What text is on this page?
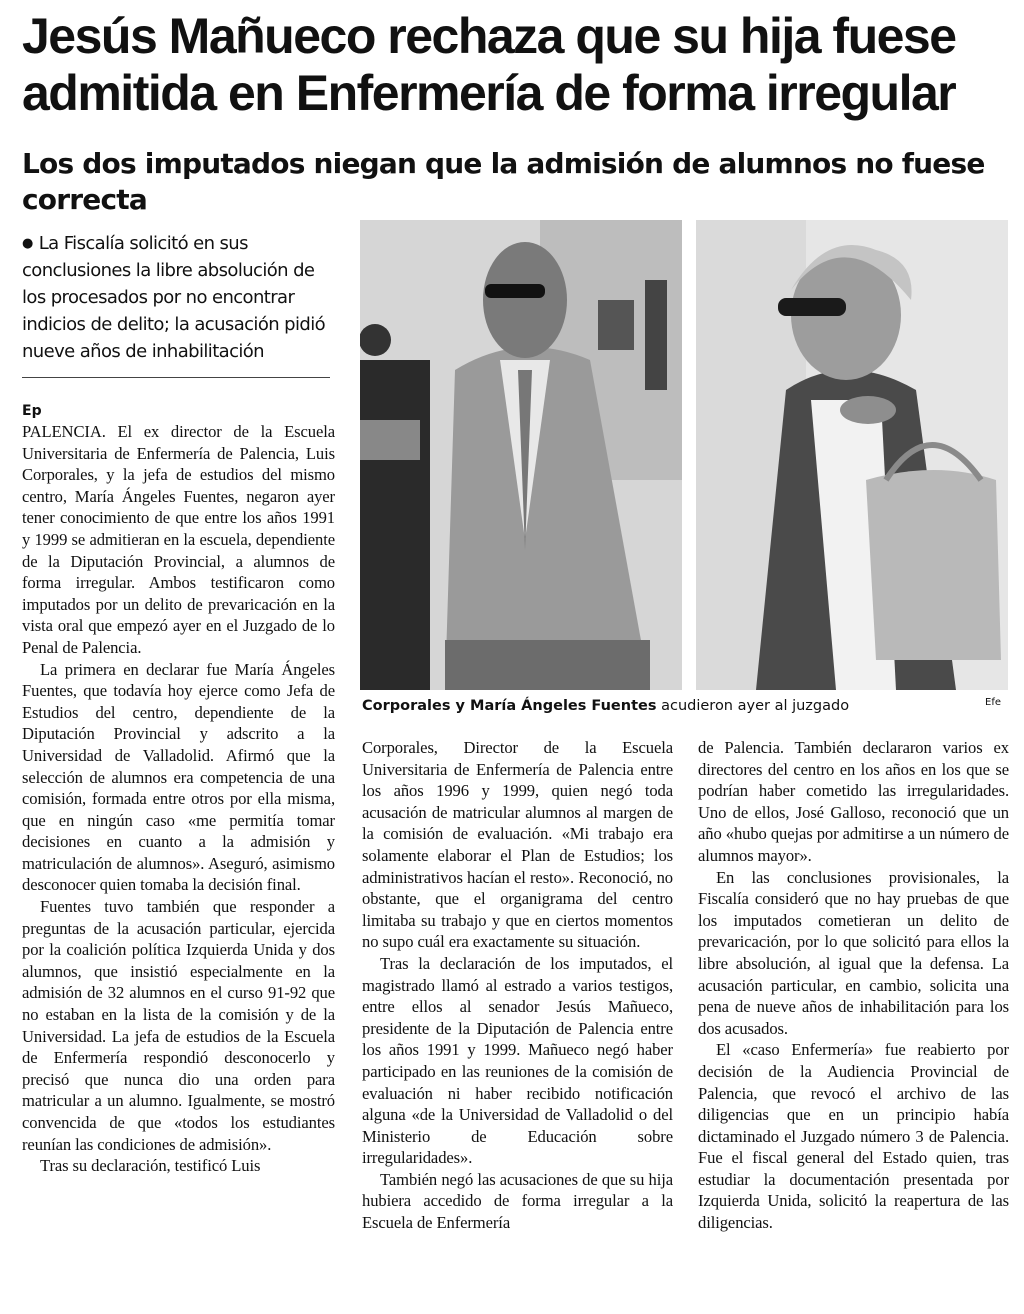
Jesús Mañueco rechaza que su hija fuese admitida en Enfermería de forma irregular
Los dos imputados niegan que la admisión de alumnos no fuese correcta
● La Fiscalía solicitó en sus conclusiones la libre absolución de los procesados por no encontrar indicios de delito; la acusación pidió nueve años de inhabilitación
Ep

PALENCIA. El ex director de la Escuela Universitaria de Enfermería de Palencia, Luis Corporales, y la jefa de estudios del mismo centro, María Ángeles Fuentes, negaron ayer tener conocimiento de que entre los años 1991 y 1999 se admitieran en la escuela, dependiente de la Diputación Provincial, a alumnos de forma irregular. Ambos testificaron como imputados por un delito de prevaricación en la vista oral que empezó ayer en el Juzgado de lo Penal de Palencia.

La primera en declarar fue María Ángeles Fuentes, que todavía hoy ejerce como Jefa de Estudios del centro, dependiente de la Diputación Provincial y adscrito a la Universidad de Valladolid. Afirmó que la selección de alumnos era competencia de una comisión, formada entre otros por ella misma, que en ningún caso «me permitía tomar decisiones en cuanto a la admisión y matriculación de alumnos». Aseguró, asimismo desconocer quien tomaba la decisión final.

Fuentes tuvo también que responder a preguntas de la acusación particular, ejercida por la coalición política Izquierda Unida y dos alumnos, que insistió especialmente en la admisión de 32 alumnos en el curso 91-92 que no estaban en la lista de la comisión y de la Universidad. La jefa de estudios de la Escuela de Enfermería respondió desconocerlo y precisó que nunca dio una orden para matricular a un alumno. Igualmente, se mostró convencida de que «todos los estudiantes reunían las condiciones de admisión».

Tras su declaración, testificó Luis

Corporales y María Ángeles Fuentes acudieron ayer al juzgado	Efe

Corporales, Director de la Escuela Universitaria de Enfermería de Palencia entre los años 1996 y 1999, quien negó toda acusación de matricular alumnos al margen de la comisión de evaluación. «Mi trabajo era solamente elaborar el Plan de Estudios; los administrativos hacían el resto». Reconoció, no obstante, que el organigrama del centro limitaba su trabajo y que en ciertos momentos no supo cuál era exactamente su situación.

Tras la declaración de los imputados, el magistrado llamó al estrado a varios testigos, entre ellos al senador Jesús Mañueco, presidente de la Diputación de Palencia entre los años 1991 y 1999. Mañueco negó haber participado en las reuniones de la comisión de evaluación ni haber recibido notificación alguna «de la Universidad de Valladolid o del Ministerio de Educación sobre irregularidades».

También negó las acusaciones de que su hija hubiera accedido de forma irregular a la Escuela de Enfermería

de Palencia. También declararon varios ex directores del centro en los años en los que se podrían haber cometido las irregularidades. Uno de ellos, José Galloso, reconoció que un año «hubo quejas por admitirse a un número de alumnos mayor».

En las conclusiones provisionales, la Fiscalía consideró que no hay pruebas de que los imputados cometieran un delito de prevaricación, por lo que solicitó para ellos la libre absolución, al igual que la defensa. La acusación particular, en cambio, solicita una pena de nueve años de inhabilitación para los dos acusados.

El «caso Enfermería» fue reabierto por decisión de la Audiencia Provincial de Palencia, que revocó el archivo de las diligencias que en un principio había dictaminado el Juzgado número 3 de Palencia. Fue el fiscal general del Estado quien, tras estudiar la documentación presentada por Izquierda Unida, solicitó la reapertura de las diligencias.
